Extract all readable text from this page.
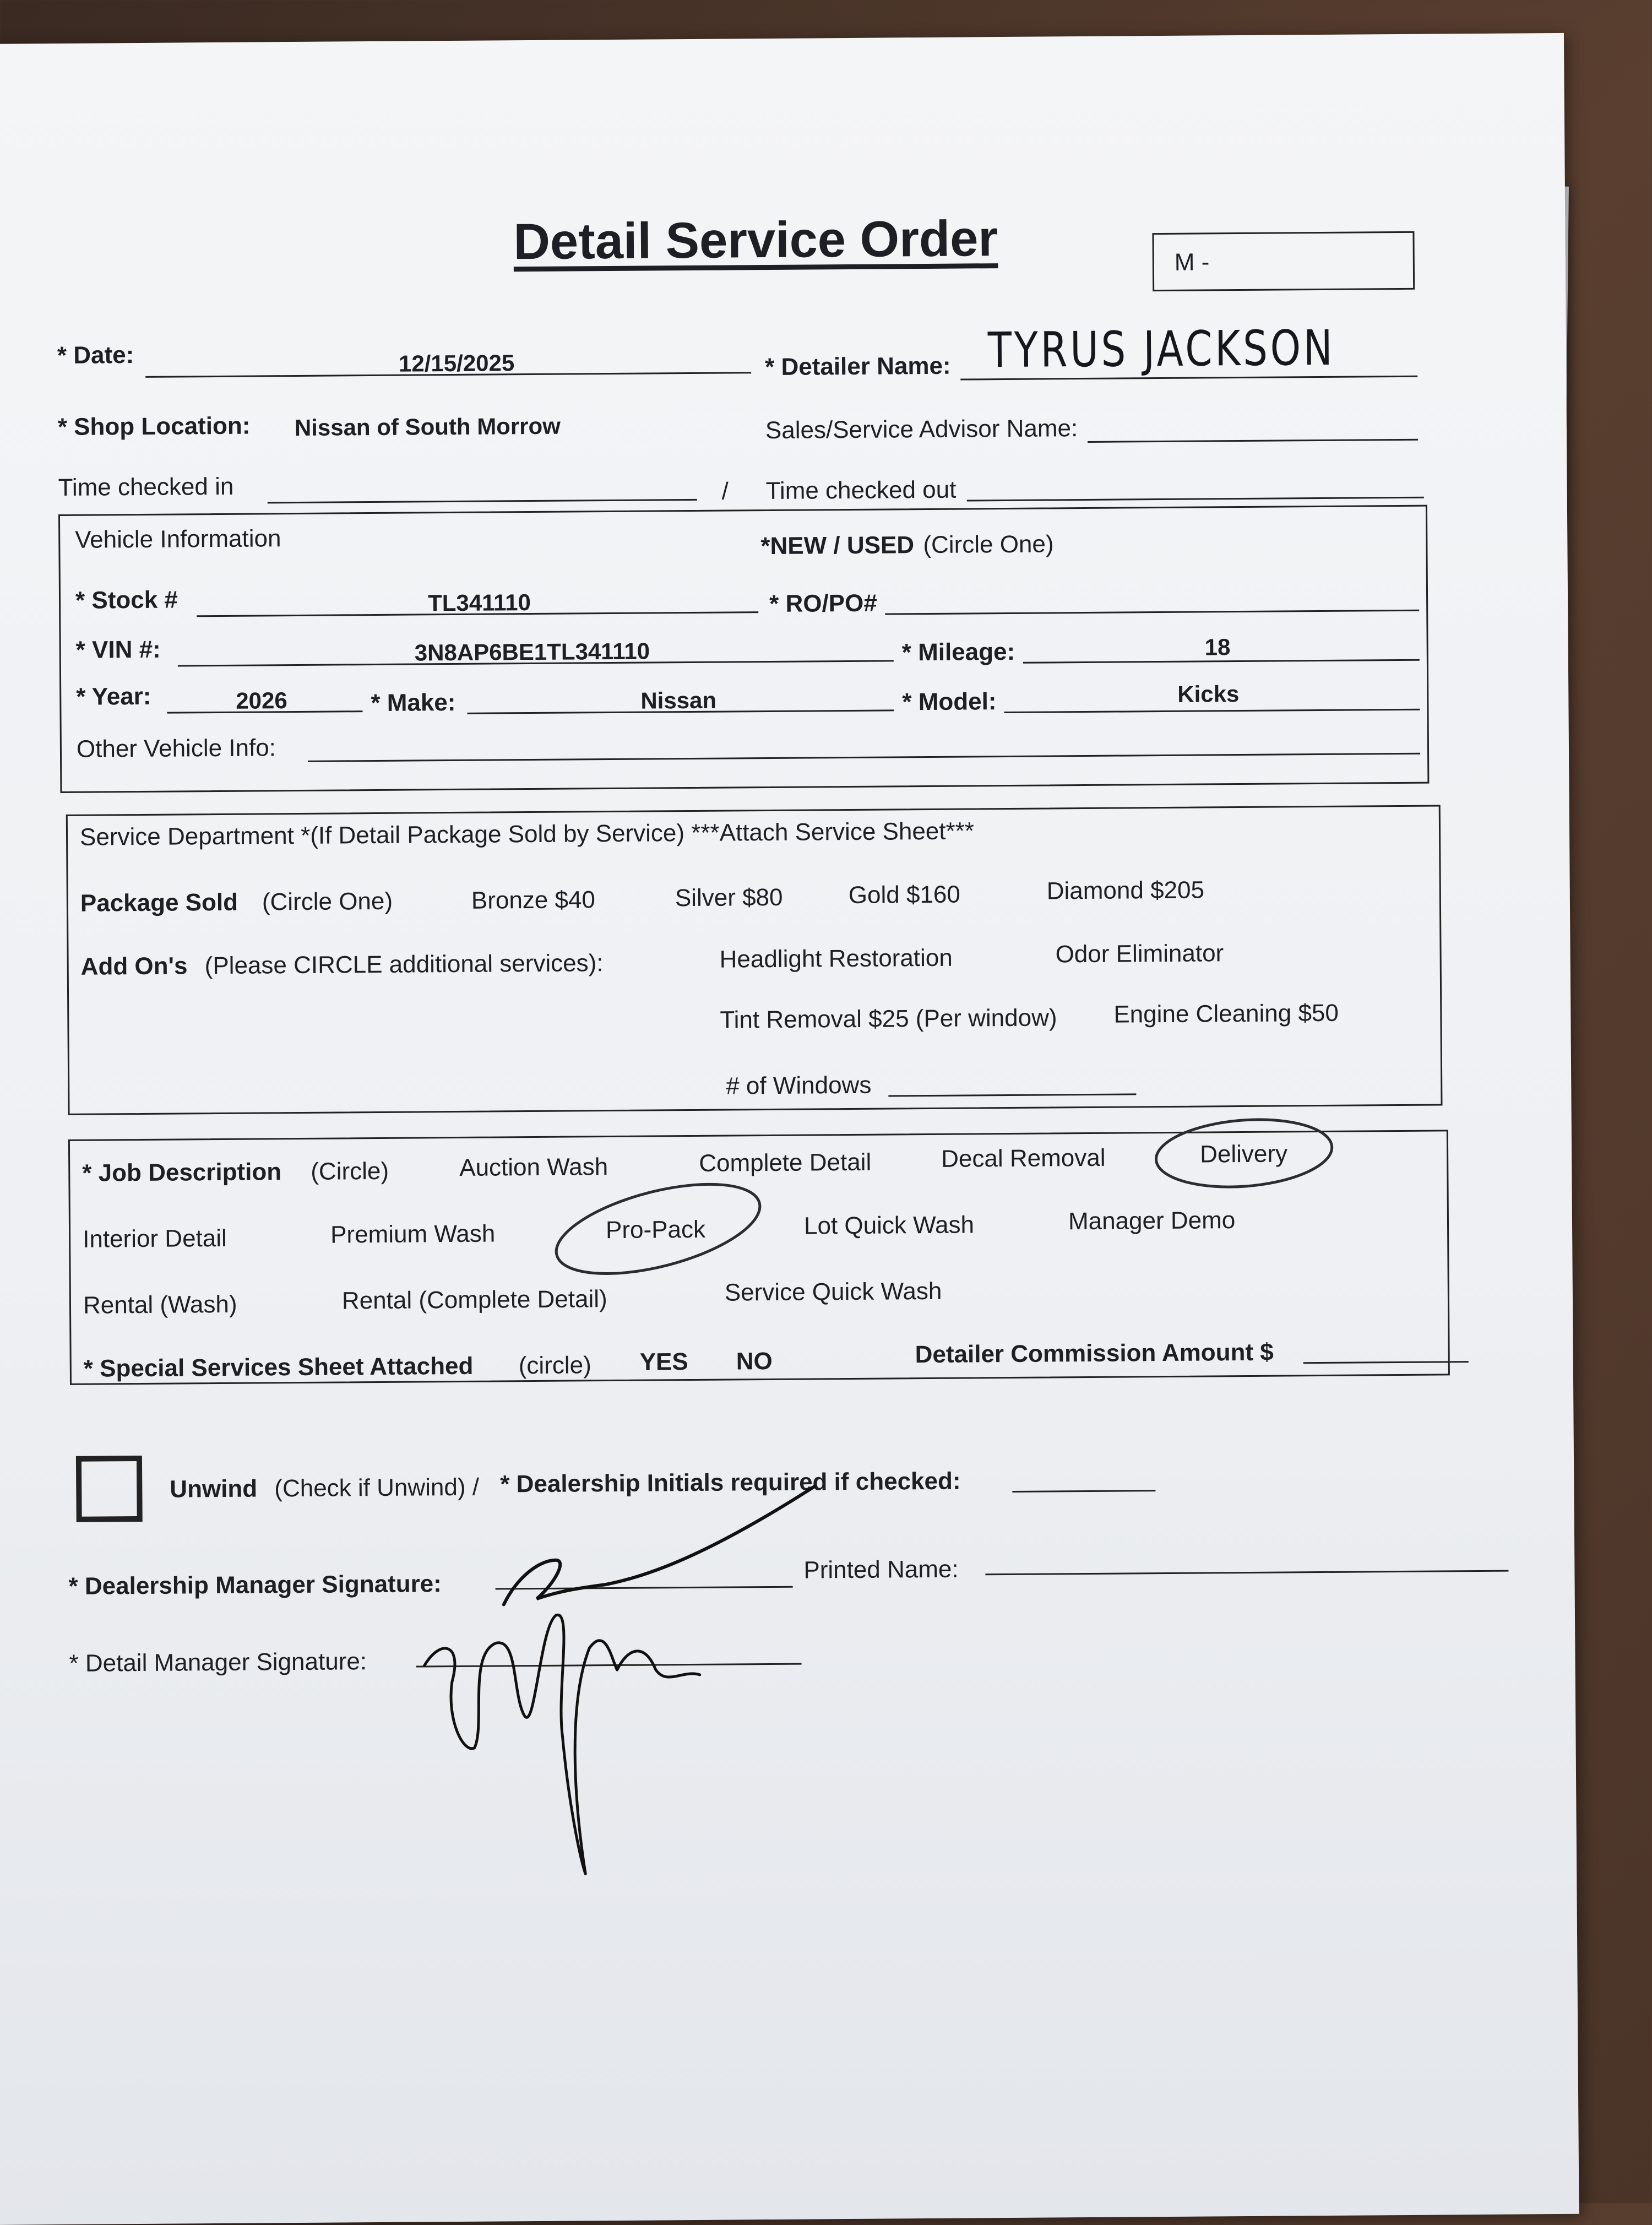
Detail Service Order	M -
* Date:	12/15/2025	* Detailer Name: TYRUS JACKSON
* Shop Location: Nissan of South Morrow	Sales/Service Advisor Name:
Time checked in	/ Time checked out
Vehicle Information	*NEW / USED (Circle One)
* Stock #	TL341110	* RO/PO#
* VIN #:	3N8AP6BE1TL341110	* Mileage:	18
* Year:	2026	* Make:	Nissan	* Model:	Kicks
Other Vehicle Info:
Service Department *(If Detail Package Sold by Service) ***Attach Service Sheet***
Package Sold (Circle One)	Bronze $40	Silver $80	Gold $160	Diamond $205
Add On's (Please CIRCLE additional services):	Headlight Restoration	Odor Eliminator
Tint Removal $25 (Per window) Engine Cleaning $50
# of Windows
* Job Description (Circle)	Auction Wash	Complete Detail	Decal Removal	Delivery
Interior Detail	Premium Wash	Pro-Pack	Lot Quick Wash	Manager Demo
Rental (Wash)	Rental (Complete Detail)	Service Quick Wash
* Special Services Sheet Attached (circle) YES NO	Detailer Commission Amount $
Unwind (Check if Unwind) / * Dealership Initials required if checked:
* Dealership Manager Signature:
Printed Name:
* Detail Manager Signature:
